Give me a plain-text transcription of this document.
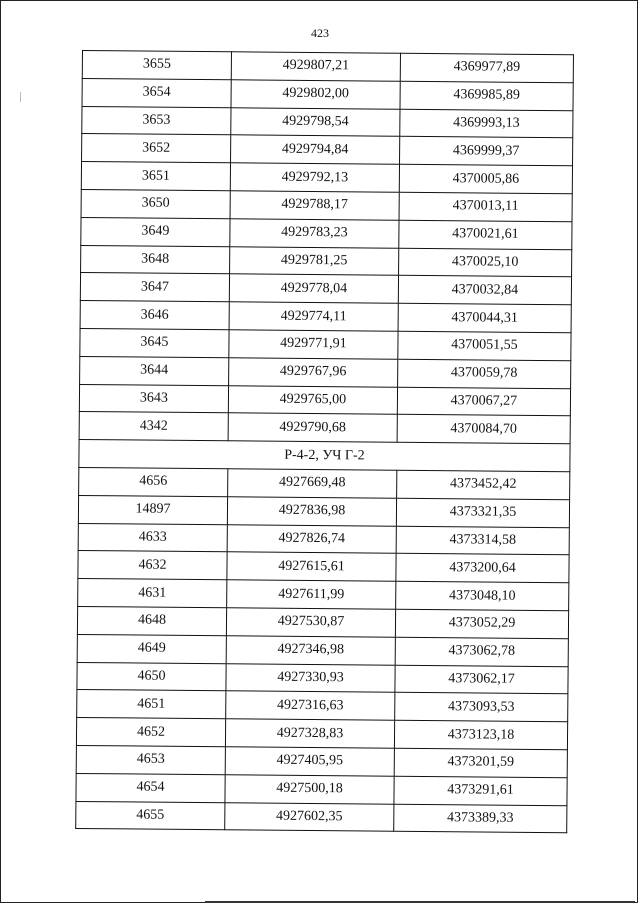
423
3655	4929807,21	4369977,89
3654	4929802,00	4369985,89
3653	4929798,54	4369993,13
3652	4929794,84	4369999,37
3651	4929792,13	4370005,86
3650	4929788,17	4370013,11
3649	4929783,23	4370021,61
3648	4929781,25	4370025,10
3647	4929778,04	4370032,84
3646	4929774,11	4370044,31
3645	4929771,91	4370051,55
3644	4929767,96	4370059,78
3643	4929765,00	4370067,27
4342	4929790,68	4370084,70
Р-4-2, УЧ Г-2		
4656	4927669,48	4373452,42
14897	4927836,98	4373321,35
4633	4927826,74	4373314,58
4632	4927615,61	4373200,64
4631	4927611,99	4373048,10
4648	4927530,87	4373052,29
4649	4927346,98	4373062,78
4650	4927330,93	4373062,17
4651	4927316,63	4373093,53
4652	4927328,83	4373123,18
4653	4927405,95	4373201,59
4654	4927500,18	4373291,61
4655	4927602,35	4373389,33
